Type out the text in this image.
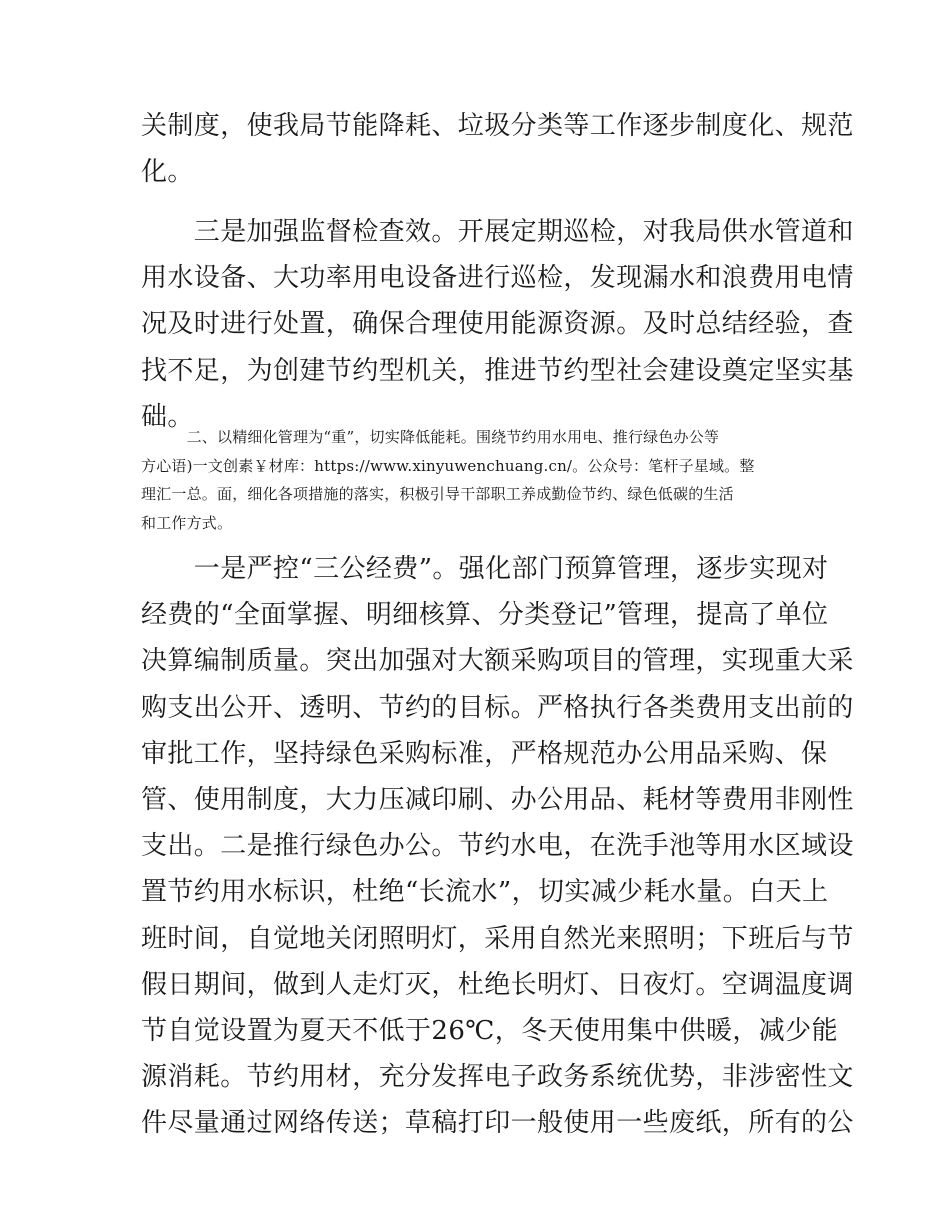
关制度，使我局节能降耗、垃圾分类等工作逐步制度化、规范
化。
　　三是加强监督检查效。开展定期巡检，对我局供水管道和
用水设备、大功率用电设备进行巡检，发现漏水和浪费用电情
况及时进行处置，确保合理使用能源资源。及时总结经验，查
找不足，为创建节约型机关，推进节约型社会建设奠定坚实基
础。
　　　二、以精细化管理为“重”，切实降低能耗。围绕节约用水用电、推行绿色办公等
方心语)一文创素￥材库：https://www.xinyuwenchuang.cn/。公众号：笔杆子星域。整
理汇一总。面，细化各项措施的落实，积极引导干部职工养成勤俭节约、绿色低碳的生活
和工作方式。
　　一是严控“三公经费”。强化部门预算管理，逐步实现对
经费的“全面掌握、明细核算、分类登记”管理，提高了单位
决算编制质量。突出加强对大额采购项目的管理，实现重大采
购支出公开、透明、节约的目标。严格执行各类费用支出前的
审批工作，坚持绿色采购标准，严格规范办公用品采购、保
管、使用制度，大力压减印刷、办公用品、耗材等费用非刚性
支出。二是推行绿色办公。节约水电，在洗手池等用水区域设
置节约用水标识，杜绝“长流水”，切实减少耗水量。白天上
班时间，自觉地关闭照明灯，采用自然光来照明；下班后与节
假日期间，做到人走灯灭，杜绝长明灯、日夜灯。空调温度调
节自觉设置为夏天不低于26℃，冬天使用集中供暖，减少能
源消耗。节约用材，充分发挥电子政务系统优势，非涉密性文
件尽量通过网络传送；草稿打印一般使用一些废纸，所有的公
